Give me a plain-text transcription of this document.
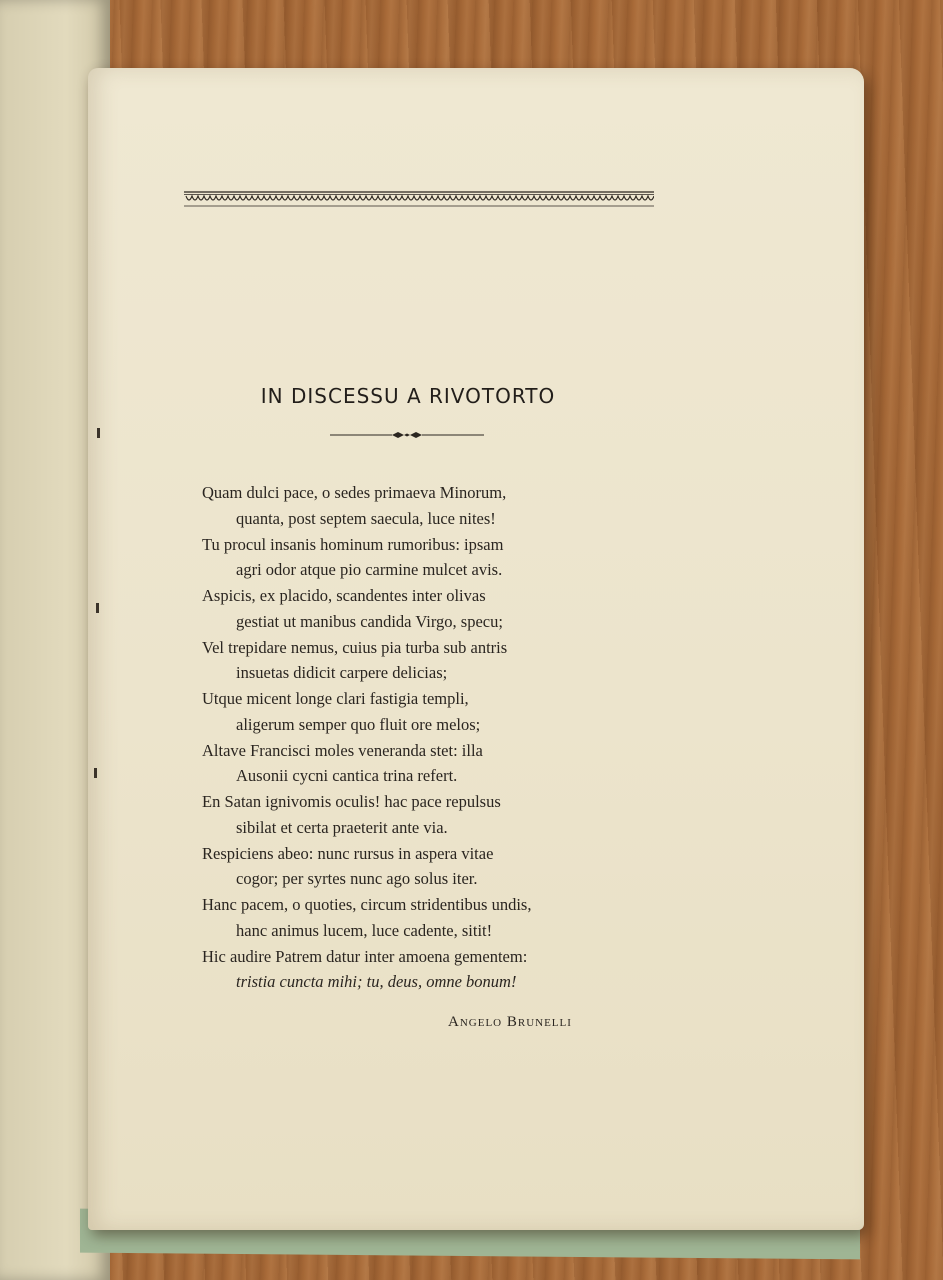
IN DISCESSU A RIVOTORTO
Quam dulci pace, o sedes primaeva Minorum,
quanta, post septem saecula, luce nites!
Tu procul insanis hominum rumoribus: ipsam
agri odor atque pio carmine mulcet avis.
Aspicis, ex placido, scandentes inter olivas
gestiat ut manibus candida Virgo, specu;
Vel trepidare nemus, cuius pia turba sub antris
insuetas didicit carpere delicias;
Utque micent longe clari fastigia templi,
aligerum semper quo fluit ore melos;
Altave Francisci moles veneranda stet: illa
Ausonii cycni cantica trina refert.
En Satan ignivomis oculis! hac pace repulsus
sibilat et certa praeterit ante via.
Respiciens abeo: nunc rursus in aspera vitae
cogor; per syrtes nunc ago solus iter.
Hanc pacem, o quoties, circum stridentibus undis,
hanc animus lucem, luce cadente, sitit!
Hic audire Patrem datur inter amoena gementem:
tristia cuncta mihi; tu, deus, omne bonum!
Angelo Brunelli
